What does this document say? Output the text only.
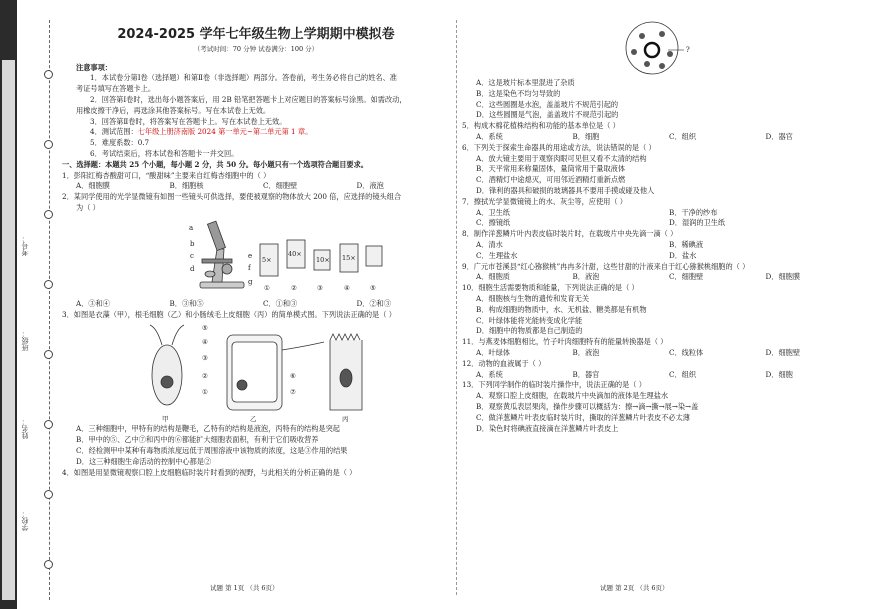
学校：
姓名：
班级：
考号：
2024-2025 学年七年级生物上学期期中模拟卷
（考试时间：70 分钟 试卷满分：100 分）

注意事项：

1．本试卷分第Ⅰ卷（选择题）和第Ⅱ卷（非选择题）两部分。答卷前，考生务必将自己的姓名、准

考证号填写在答题卡上。

2．回答第Ⅰ卷时，选出每小题答案后，用 2B 铅笔把答题卡上对应题目的答案标号涂黑。如需改动，

用橡皮擦干净后，再选涂其他答案标号。写在本试卷上无效。

3．回答第Ⅱ卷时，将答案写在答题卡上。写在本试卷上无效。

4．测试范围：七年级上册济南版 2024 第一单元~第二单元第 1 章。

5．难度系数：0.7

6．考试结束后，将本试卷和答题卡一并交回。

一、选择题：本题共 25 个小题，每小题 2 分，共 50 分。每小题只有一个选项符合题目要求。

1．彭阳红梅杏酸甜可口，“酸甜味”主要来自红梅杏细胞中的（ ）

A．细胞膜	B．细胞核	C．细胞壁	D．液泡

2．某同学使用的光学显微镜有如图一些镜头可供选择，要使被观察的物体放大 200 倍，应选择的镜头组合

为（ ）

a
b
c
d
e
f
g
5×
40×
10× 15×
①	②	③	④	⑤
A．③和④	B．③和⑤	C．①和③	D．②和③

3．如图是衣藻（甲），根毛细胞（乙）和小肠绒毛上皮细胞（丙）的简单模式图。下列说法正确的是（ ）

⑤
④
③
②
①
⑥
⑦
甲	乙	丙

A．三种细胞中，甲特有的结构是鞭毛，乙特有的结构是液泡，丙特有的结构是突起

B．甲中的⑤、乙中⑦和丙中的⑥都能扩大细胞表面积，有利于它们吸收营养

C．经检测甲中某种有毒物质浓度远低于周围溶液中该物质的浓度，这是③作用的结果

D．这三种细胞生命活动的控制中心都是②

4．如图是用显微镜观察口腔上皮细胞临时装片时看到的视野，与此相关的分析正确的是（ ）

?

A．这是玻片标本里混进了杂质

B．这是染色不均匀导致的

C．这些圆圈是水泡，盖盖玻片不规范引起的

D．这些圆圈是气泡，盖盖玻片不规范引起的

5．构成木棉花植株结构和功能的基本单位是（ ）

A．系统	B．细胞	C．组织	D．器官

6．下列关于探索生命器具的用途或方法，说法错误的是（ ）

A．放大镜主要用于观察肉眼可见但又看不太清的结构

B．天平常用来称量固体，量筒常用于量取液体

C．酒精灯中途熄灭，可用邻近酒精灯重新点燃

D．锋利的器具和破损的玻璃器具不要用手摸或碰及他人

7．擦拭光学显微镜镜上的水、灰尘等，应使用（ ）

A．卫生纸	B．干净的纱布
C．擦镜纸	D．湿润的卫生纸

8．制作洋葱鳞片叶内表皮临时装片时，在载玻片中央先滴一滴（ ）

A．清水	B．稀碘液
C．生理盐水	D．盐水

9．广元市苍溪县“红心猕猴桃”冉冉多汁甜，这些甘甜的汁液来自于红心猕猴桃细胞的（ ）

A．细胞质	B．液泡	C．细胞壁	D．细胞膜

10．细胞生活需要物质和能量，下列说法正确的是（ ）

A．细胞核与生物的遗传和发育无关

B．构成细胞的物质中，水、无机盐、糖类都是有机物

C．叶绿体能将光能转变成化学能

D．细胞中的物质都是自己制造的

11．与燕麦体细胞相比，竹子叶肉细胞特有的能量转换器是（ ）

A．叶绿体	B．液泡	C．线粒体	D．细胞壁

12．动物的血液属于（ ）

A．系统	B．器官	C．组织	D．细胞

13．下列同学制作的临时装片操作中，说法正确的是（ ）

A．观察口腔上皮细胞，在载玻片中央滴加的液体是生理盐水

B．观察黄瓜表层果肉，操作步骤可以概括为：擦→滴→撕→展→染→盖

C．做洋葱鳞片叶表皮临时装片时，撕取的洋葱鳞片叶表皮不必太薄

D．染色时将碘液直接滴在洋葱鳞片叶表皮上

试题 第 1页 （共 6页）	试题 第 2页 （共 6页）
